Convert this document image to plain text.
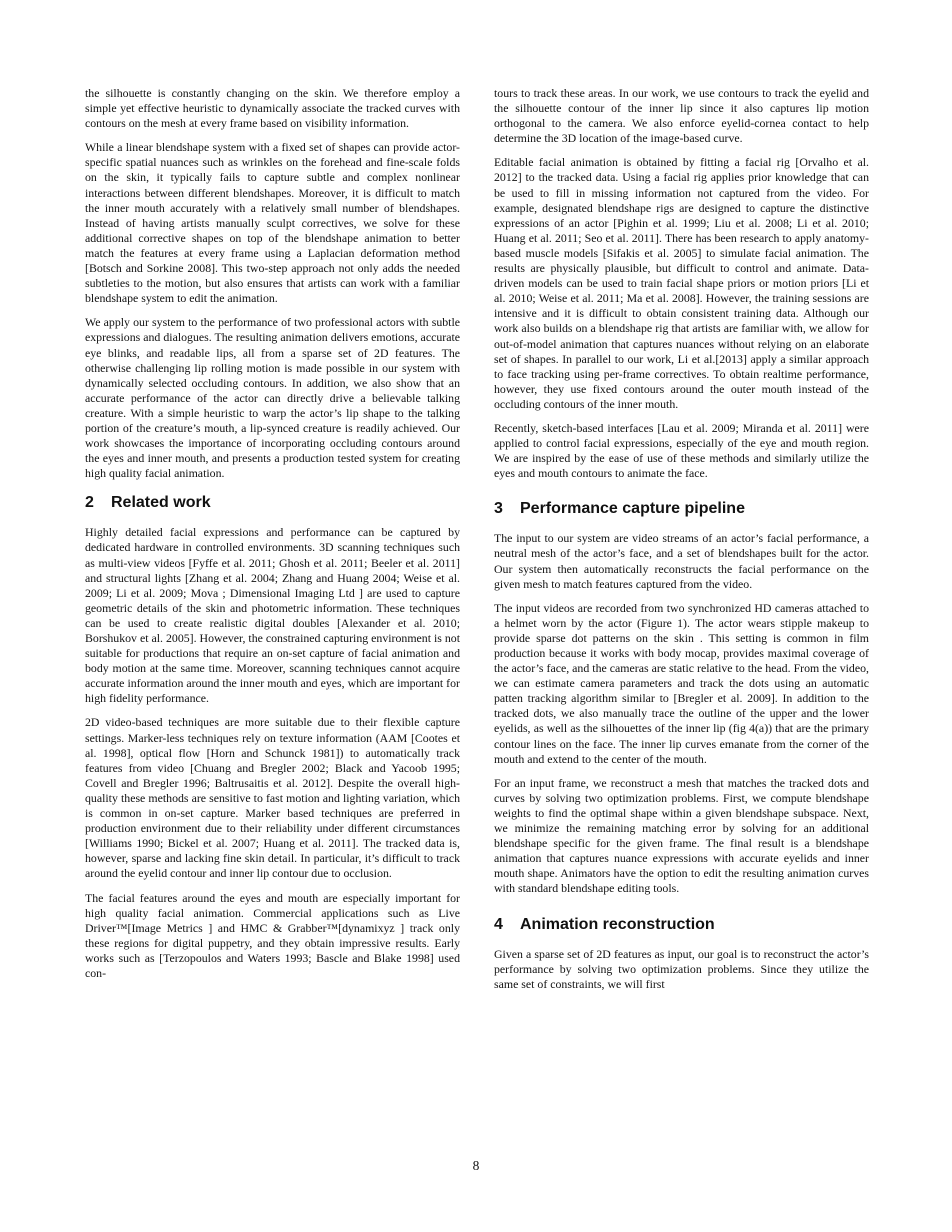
the silhouette is constantly changing on the skin. We therefore employ a simple yet effective heuristic to dynamically associate the tracked curves with contours on the mesh at every frame based on visibility information.

While a linear blendshape system with a fixed set of shapes can provide actor-specific spatial nuances such as wrinkles on the forehead and fine-scale folds on the skin, it typically fails to capture subtle and complex nonlinear interactions between different blendshapes. Moreover, it is difficult to match the inner mouth accurately with a relatively small number of blendshapes. Instead of having artists manually sculpt correctives, we solve for these additional corrective shapes on top of the blendshape animation to better match the features at every frame using a Laplacian deformation method [Botsch and Sorkine 2008]. This two-step approach not only adds the needed subtleties to the motion, but also ensures that artists can work with a familiar blendshape system to edit the animation.

We apply our system to the performance of two professional actors with subtle expressions and dialogues. The resulting animation delivers emotions, accurate eye blinks, and readable lips, all from a sparse set of 2D features. The otherwise challenging lip rolling motion is made possible in our system with dynamically selected occluding contours. In addition, we also show that an accurate performance of the actor can directly drive a believable talking creature. With a simple heuristic to warp the actor’s lip shape to the talking portion of the creature’s mouth, a lip-synced creature is readily achieved. Our work showcases the importance of incorporating occluding contours around the eyes and inner mouth, and presents a production tested system for creating high quality facial animation.

2 Related work

Highly detailed facial expressions and performance can be captured by dedicated hardware in controlled environments. 3D scanning techniques such as multi-view videos [Fyffe et al. 2011; Ghosh et al. 2011; Beeler et al. 2011] and structural lights [Zhang et al. 2004; Zhang and Huang 2004; Weise et al. 2009; Li et al. 2009; Mova ; Dimensional Imaging Ltd ] are used to capture geometric details of the skin and photometric information. These techniques can be used to create realistic digital doubles [Alexander et al. 2010; Borshukov et al. 2005]. However, the constrained capturing environment is not suitable for productions that require an on-set capture of facial animation and body motion at the same time. Moreover, scanning techniques cannot acquire accurate information around the inner mouth and eyes, which are important for high fidelity performance.

2D video-based techniques are more suitable due to their flexible capture settings. Marker-less techniques rely on texture information (AAM [Cootes et al. 1998], optical flow [Horn and Schunck 1981]) to automatically track features from video [Chuang and Bregler 2002; Black and Yacoob 1995; Covell and Bregler 1996; Baltrusaitis et al. 2012]. Despite the overall high-quality these methods are sensitive to fast motion and lighting variation, which is common in on-set capture. Marker based techniques are preferred in production environment due to their reliability under different circumstances [Williams 1990; Bickel et al. 2007; Huang et al. 2011]. The tracked data is, however, sparse and lacking fine skin detail. In particular, it’s difficult to track around the eyelid contour and inner lip contour due to occlusion.

The facial features around the eyes and mouth are especially important for high quality facial animation. Commercial applications such as Live Driver™[Image Metrics ] and HMC & Grabber™[dynamixyz ] track only these regions for digital puppetry, and they obtain impressive results. Early works such as [Terzopoulos and Waters 1993; Bascle and Blake 1998] used con-

tours to track these areas. In our work, we use contours to track the eyelid and the silhouette contour of the inner lip since it also captures lip motion orthogonal to the camera. We also enforce eyelid-cornea contact to help determine the 3D location of the image-based curve.

Editable facial animation is obtained by fitting a facial rig [Orvalho et al. 2012] to the tracked data. Using a facial rig applies prior knowledge that can be used to fill in missing information not captured from the video. For example, designated blendshape rigs are designed to capture the distinctive expressions of an actor [Pighin et al. 1999; Liu et al. 2008; Li et al. 2010; Huang et al. 2011; Seo et al. 2011]. There has been research to apply anatomy-based muscle models [Sifakis et al. 2005] to simulate facial animation. The results are physically plausible, but difficult to control and animate. Data-driven models can be used to train facial shape priors or motion priors [Li et al. 2010; Weise et al. 2011; Ma et al. 2008]. However, the training sessions are intensive and it is difficult to obtain consistent training data. Although our work also builds on a blendshape rig that artists are familiar with, we allow for out-of-model animation that captures nuances without relying on an elaborate set of shapes. In parallel to our work, Li et al.[2013] apply a similar approach to face tracking using per-frame correctives. To obtain realtime performance, however, they use fixed contours around the outer mouth instead of the occluding contours of the inner mouth.

Recently, sketch-based interfaces [Lau et al. 2009; Miranda et al. 2011] were applied to control facial expressions, especially of the eye and mouth region. We are inspired by the ease of use of these methods and similarly utilize the eyes and mouth contours to animate the face.

3 Performance capture pipeline

The input to our system are video streams of an actor’s facial performance, a neutral mesh of the actor’s face, and a set of blendshapes built for the actor. Our system then automatically reconstructs the facial performance on the given mesh to match features captured from the video.

The input videos are recorded from two synchronized HD cameras attached to a helmet worn by the actor (Figure 1). The actor wears stipple makeup to provide sparse dot patterns on the skin . This setting is common in film production because it works with body mocap, provides maximal coverage of the actor’s face, and the cameras are static relative to the head. From the video, we can estimate camera parameters and track the dots using an automatic patten tracking algorithm similar to [Bregler et al. 2009]. In addition to the tracked dots, we also manually trace the outline of the upper and the lower eyelids, as well as the silhouettes of the inner lip (fig 4(a)) that are the primary contour lines on the face. The inner lip curves emanate from the corner of the mouth and extend to the center of the mouth.

For an input frame, we reconstruct a mesh that matches the tracked dots and curves by solving two optimization problems. First, we compute blendshape weights to find the optimal shape within a given blendshape subspace. Next, we minimize the remaining matching error by solving for an additional blendshape specific for the given frame. The final result is a blendshape animation that captures nuance expressions with accurate eyelids and inner mouth shape. Animators have the option to edit the resulting animation curves with standard blendshape editing tools.

4 Animation reconstruction

Given a sparse set of 2D features as input, our goal is to reconstruct the actor’s performance by solving two optimization problems. Since they utilize the same set of constraints, we will first

8
